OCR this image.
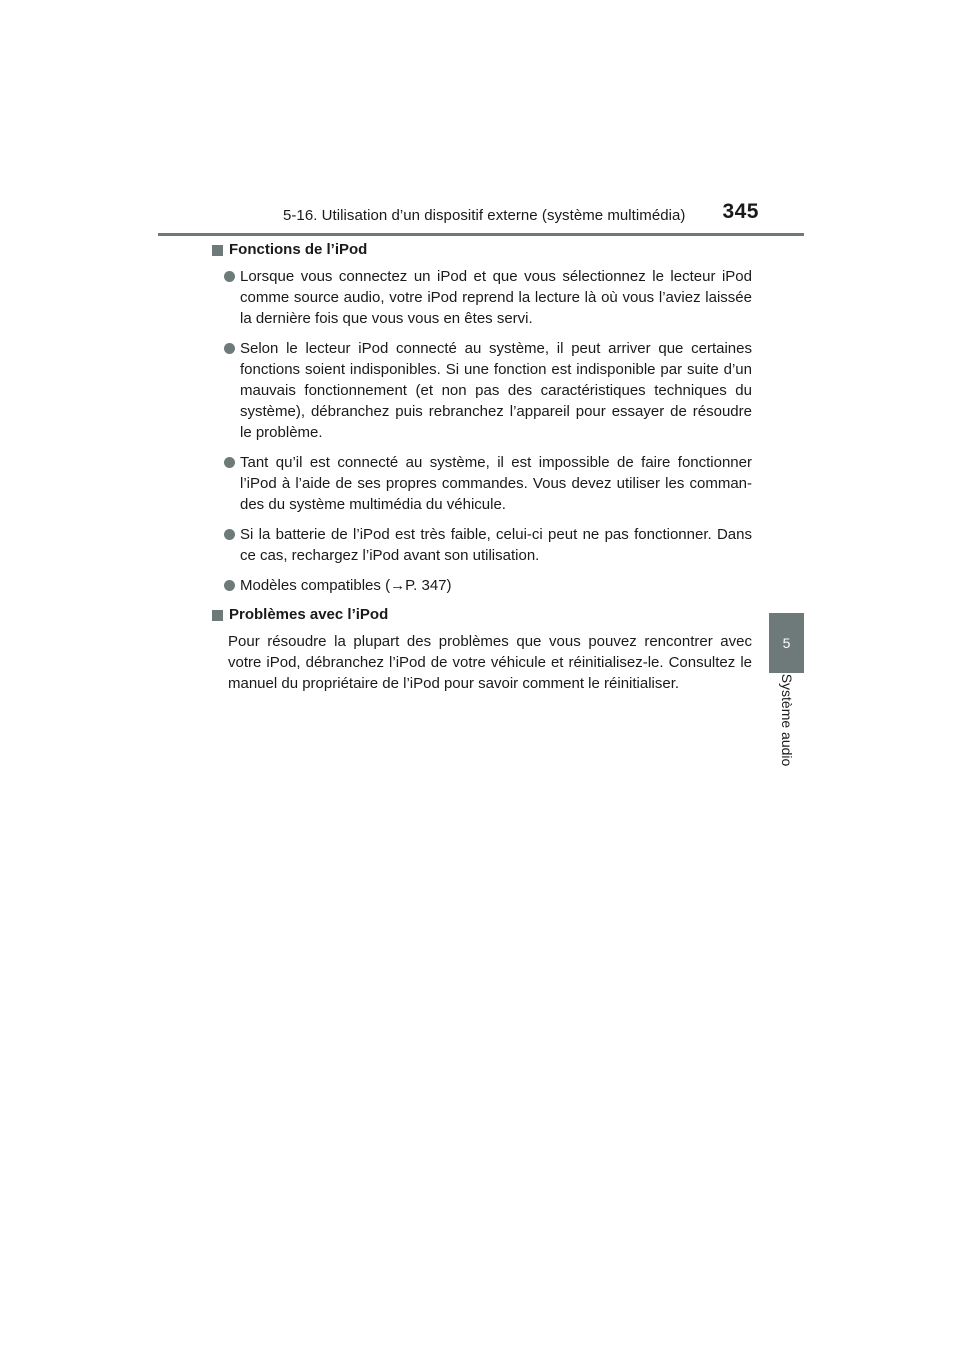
5-16. Utilisation d’un dispositif externe (système multimédia) 345
5
Système audio
Fonctions de l’iPod
Lorsque vous connectez un iPod et que vous sélectionnez le lecteur iPod comme source audio, votre iPod reprend la lecture là où vous l’aviez laissée la dernière fois que vous vous en êtes servi.
Selon le lecteur iPod connecté au système, il peut arriver que certaines fonctions soient indisponibles. Si une fonction est indisponible par suite d’un mauvais fonctionnement (et non pas des caractéristiques techniques du système), débranchez puis rebranchez l’appareil pour essayer de résoudre le problème.
Tant qu’il est connecté au système, il est impossible de faire fonctionner l’iPod à l’aide de ses propres commandes. Vous devez utiliser les comman-des du système multimédia du véhicule.
Si la batterie de l’iPod est très faible, celui-ci peut ne pas fonctionner. Dans ce cas, rechargez l’iPod avant son utilisation.
Modèles compatibles (→P. 347)
Problèmes avec l’iPod
Pour résoudre la plupart des problèmes que vous pouvez rencontrer avec votre iPod, débranchez l’iPod de votre véhicule et réinitialisez-le. Consultez le manuel du propriétaire de l’iPod pour savoir comment le réinitialiser.
